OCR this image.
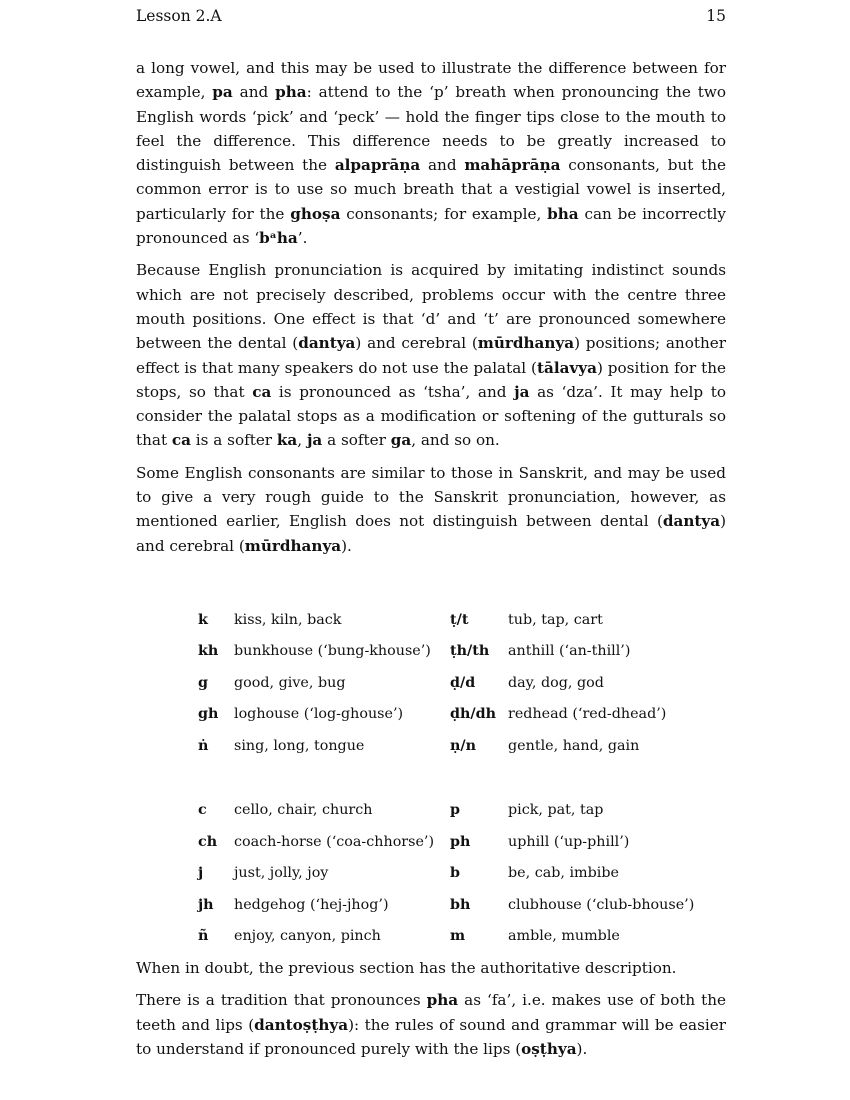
Lesson 2.A	15

a long vowel, and this may be used to illustrate the difference between for example, pa and pha: attend to the ‘p’ breath when pronouncing the two English words ‘pick’ and ‘peck’ — hold the finger tips close to the mouth to feel the difference. This difference needs to be greatly increased to distinguish between the alpaprāṇa and mahāprāṇa consonants, but the common error is to use so much breath that a vestigial vowel is inserted, particularly for the ghoṣa consonants; for example, bha can be incorrectly pronounced as ‘bᵃha’.

Because English pronunciation is acquired by imitating indistinct sounds which are not precisely described, problems occur with the centre three mouth positions. One effect is that ‘d’ and ‘t’ are pronounced somewhere between the dental (dantya) and cerebral (mūrdhanya) positions; another effect is that many speakers do not use the palatal (tālavya) position for the stops, so that ca is pronounced as ‘tsha’, and ja as ‘dza’. It may help to consider the palatal stops as a modification or softening of the gutturals so that ca is a softer ka, ja a softer ga, and so on.

Some English consonants are similar to those in Sanskrit, and may be used to give a very rough guide to the Sanskrit pronunciation, however, as mentioned earlier, English does not distinguish between dental (dantya) and cerebral (mūrdhanya).

k	kiss, kiln, back	ṭ/t	tub, tap, cart
kh	bunkhouse (‘bung-khouse’)	ṭh/th	anthill (‘an-thill’)
g	good, give, bug	ḍ/d	day, dog, god
gh	loghouse (‘log-ghouse’)	ḍh/dh	redhead (‘red-dhead’)
ṅ	sing, long, tongue	ṇ/n	gentle, hand, gain

c	cello, chair, church	p	pick, pat, tap
ch	coach-horse (‘coa-chhorse’)	ph	uphill (‘up-phill’)
j	just, jolly, joy	b	be, cab, imbibe
jh	hedgehog (‘hej-jhog’)	bh	clubhouse (‘club-bhouse’)
ñ	enjoy, canyon, pinch	m	amble, mumble

When in doubt, the previous section has the authoritative description.

There is a tradition that pronounces pha as ‘fa’, i.e. makes use of both the teeth and lips (dantoṣṭhya): the rules of sound and grammar will be easier to understand if pronounced purely with the lips (oṣṭhya).
